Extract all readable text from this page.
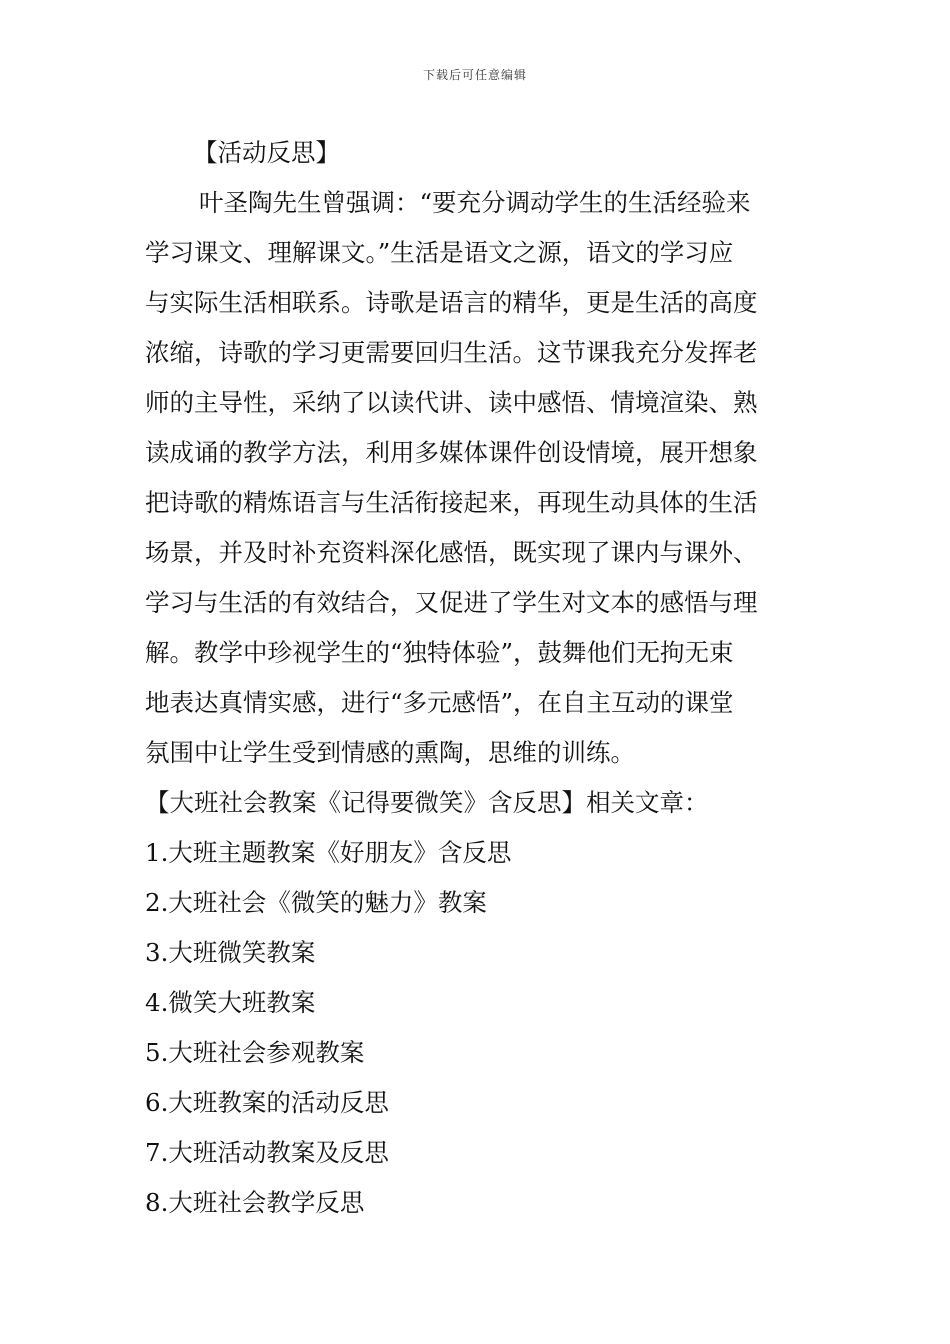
下载后可任意编辑
【活动反思】
叶圣陶先生曾强调：“要充分调动学生的生活经验来
学习课文、理解课文。”生活是语文之源，语文的学习应
与实际生活相联系。诗歌是语言的精华，更是生活的高度
浓缩，诗歌的学习更需要回归生活。这节课我充分发挥老
师的主导性，采纳了以读代讲、读中感悟、情境渲染、熟
读成诵的教学方法，利用多媒体课件创设情境，展开想象
把诗歌的精炼语言与生活衔接起来，再现生动具体的生活
场景，并及时补充资料深化感悟，既实现了课内与课外、
学习与生活的有效结合，又促进了学生对文本的感悟与理
解。教学中珍视学生的“独特体验”，鼓舞他们无拘无束
地表达真情实感，进行“多元感悟”，在自主互动的课堂
氛围中让学生受到情感的熏陶，思维的训练。
【大班社会教案《记得要微笑》含反思】相关文章：
1.大班主题教案《好朋友》含反思
2.大班社会《微笑的魅力》教案
3.大班微笑教案
4.微笑大班教案
5.大班社会参观教案
6.大班教案的活动反思
7.大班活动教案及反思
8.大班社会教学反思
